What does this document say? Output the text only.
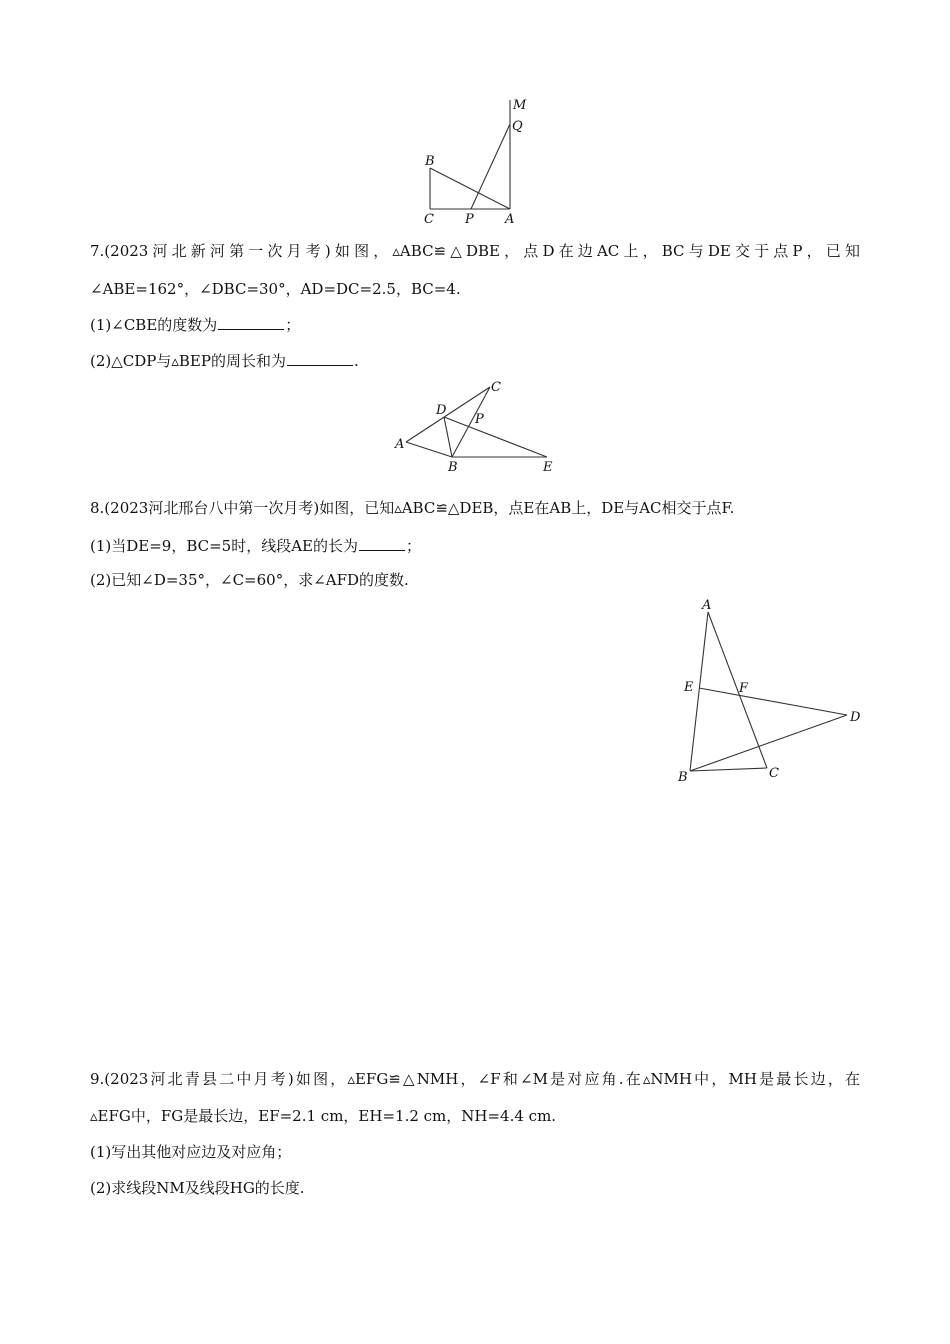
M
Q
B
C P A
7.(2023河北新河第一次月考)如图，▵ABC≌△DBE，点D在边AC上，BC与DE交于点P，已知
∠ABE=162°，∠DBC=30°，AD=DC=2.5，BC=4.
(1)∠CBE的度数为	；
(2)△CDP与▵BEP的周长和为	.
C
D
P
A
B	E
8.(2023河北邢台八中第一次月考)如图，已知▵ABC≌△DEB，点E在AB上，DE与AC相交于点F.
(1)当DE=9，BC=5时，线段AE的长为	；
(2)已知∠D=35°，∠C=60°，求∠AFD的度数.
A
E	F
D
B	C
9.(2023河北青县二中月考)如图，▵EFG≌△NMH，∠F和∠M是对应角.在▵NMH中，MH是最长边，在
▵EFG中，FG是最长边，EF=2.1 cm，EH=1.2 cm，NH=4.4 cm.
(1)写出其他对应边及对应角；
(2)求线段NM及线段HG的长度.
